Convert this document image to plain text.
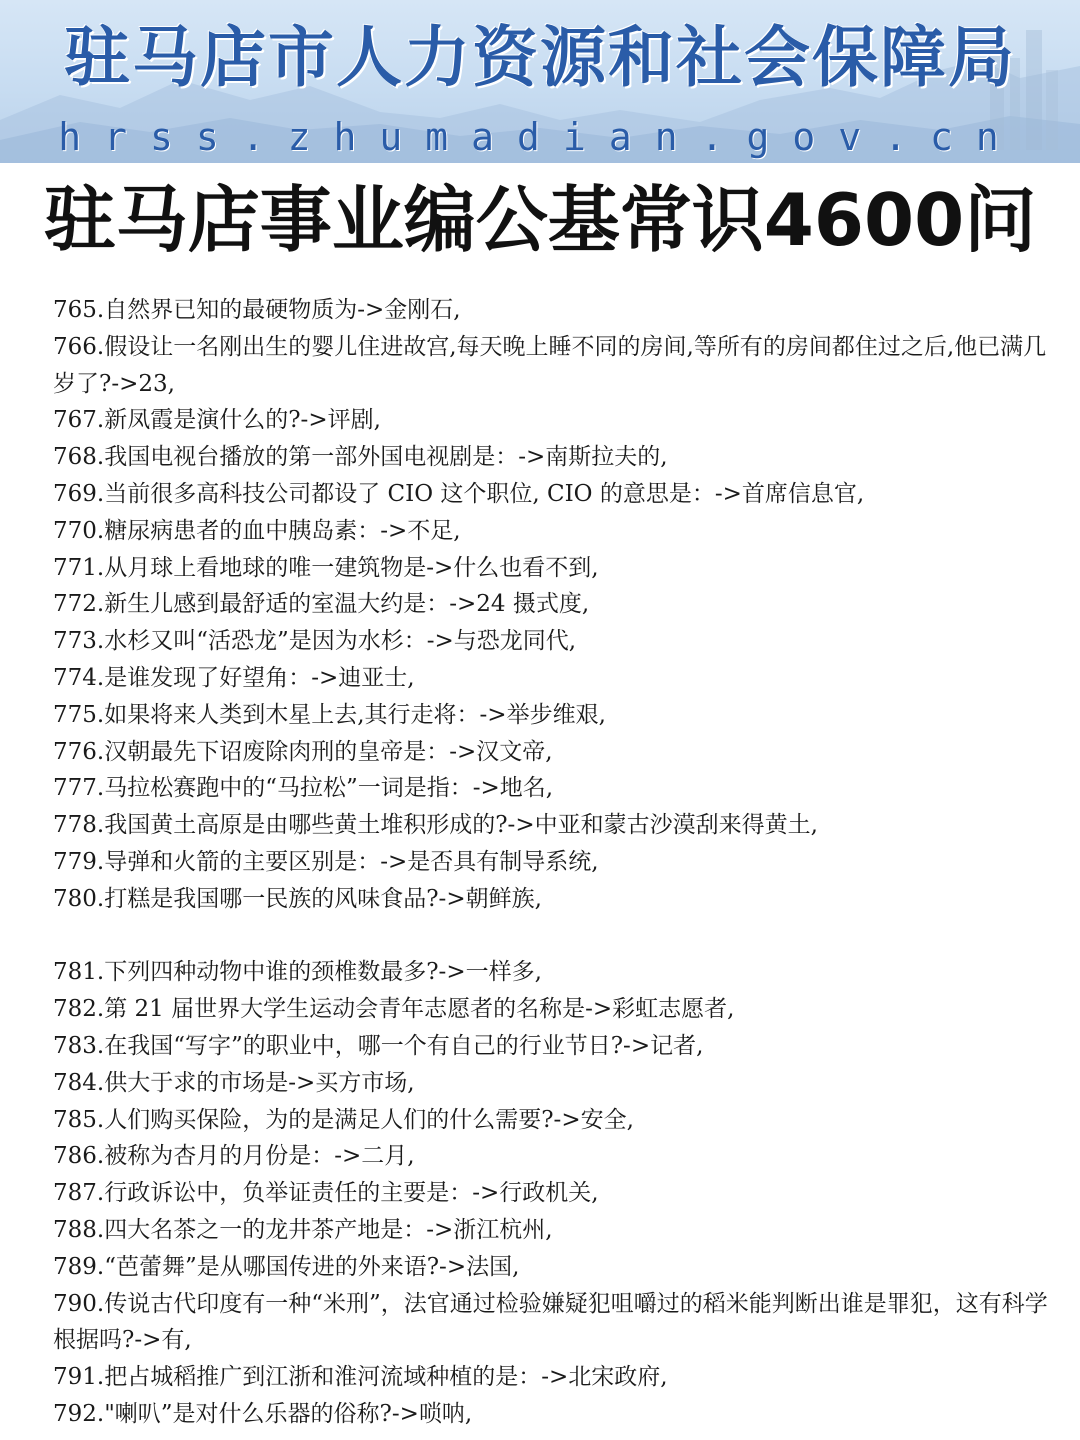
驻马店市人力资源和社会保障局
hrss.zhumadian.gov.cn
驻马店事业编公基常识4600问
765.自然界已知的最硬物质为->金刚石,
766.假设让一名刚出生的婴儿住进故宫,每天晚上睡不同的房间,等所有的房间都住过之后,他已满几岁了?->23,
767.新凤霞是演什么的?->评剧,
768.我国电视台播放的第一部外国电视剧是：->南斯拉夫的,
769.当前很多高科技公司都设了 CIO 这个职位, CIO 的意思是：->首席信息官,
770.糖尿病患者的血中胰岛素：->不足,
771.从月球上看地球的唯一建筑物是->什么也看不到,
772.新生儿感到最舒适的室温大约是：->24 摄式度,
773.水杉又叫“活恐龙”是因为水杉：->与恐龙同代,
774.是谁发现了好望角：->迪亚士,
775.如果将来人类到木星上去,其行走将：->举步维艰,
776.汉朝最先下诏废除肉刑的皇帝是：->汉文帝,
777.马拉松赛跑中的“马拉松”一词是指：->地名,
778.我国黄土高原是由哪些黄土堆积形成的?->中亚和蒙古沙漠刮来得黄土,
779.导弹和火箭的主要区别是：->是否具有制导系统,
780.打糕是我国哪一民族的风味食品?->朝鲜族,
781.下列四种动物中谁的颈椎数最多?->一样多,
782.第 21 届世界大学生运动会青年志愿者的名称是->彩虹志愿者,
783.在我国“写字”的职业中，哪一个有自己的行业节日?->记者,
784.供大于求的市场是->买方市场,
785.人们购买保险，为的是满足人们的什么需要?->安全,
786.被称为杏月的月份是：->二月,
787.行政诉讼中，负举证责任的主要是：->行政机关,
788.四大名茶之一的龙井茶产地是：->浙江杭州,
789.“芭蕾舞”是从哪国传进的外来语?->法国,
790.传说古代印度有一种“米刑”，法官通过检验嫌疑犯咀嚼过的稻米能判断出谁是罪犯，这有科学根据吗?->有,
791.把占城稻推广到江浙和淮河流域种植的是：->北宋政府,
792."喇叭”是对什么乐器的俗称?->唢呐,
